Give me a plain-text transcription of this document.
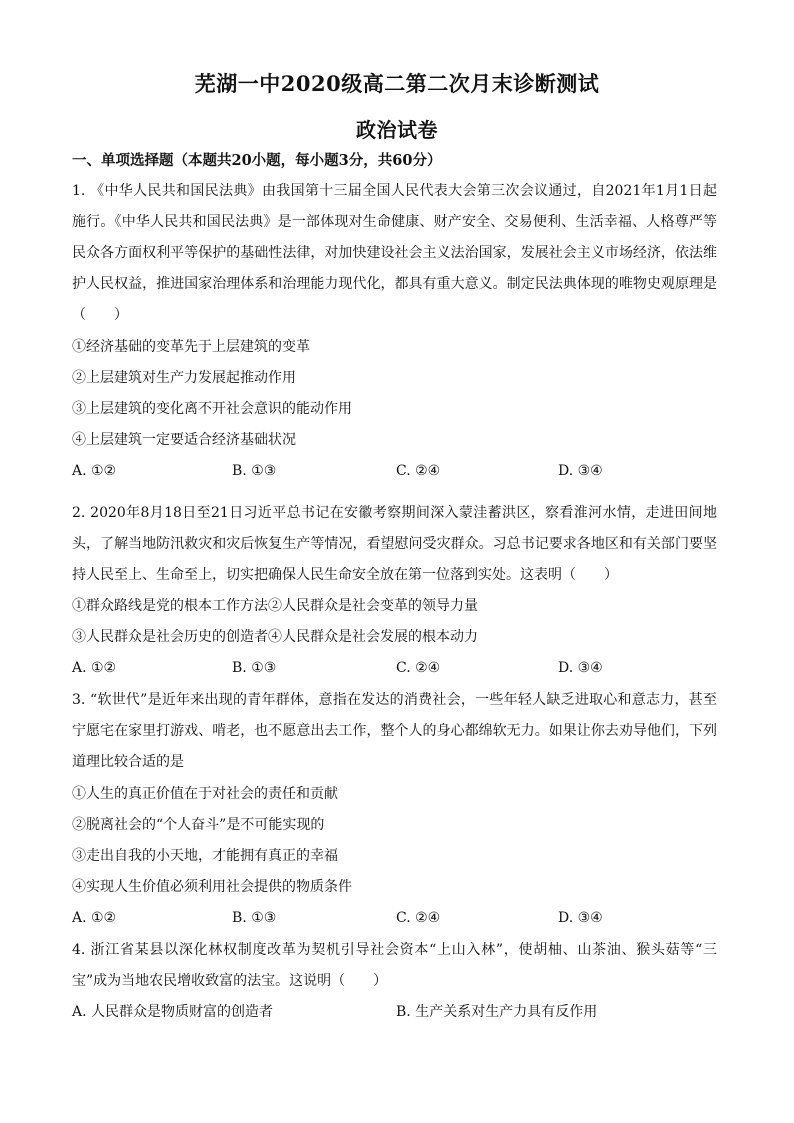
芜湖一中2020级高二第二次月末诊断测试
政治试卷
一、单项选择题（本题共20小题，每小题3分，共60分）
1. 《中华人民共和国民法典》由我国第十三届全国人民代表大会第三次会议通过，自2021年1月1日起
施行。《中华人民共和国民法典》是一部体现对生命健康、财产安全、交易便利、生活幸福、人格尊严等
民众各方面权利平等保护的基础性法律，对加快建设社会主义法治国家，发展社会主义市场经济，依法维
护人民权益，推进国家治理体系和治理能力现代化，都具有重大意义。制定民法典体现的唯物史观原理是
（　　）
①经济基础的变革先于上层建筑的变革
②上层建筑对生产力发展起推动作用
③上层建筑的变化离不开社会意识的能动作用
④上层建筑一定要适合经济基础状况
A. ①②	B. ①③	C. ②④	D. ③④
2. 2020年8月18日至21日习近平总书记在安徽考察期间深入蒙洼蓄洪区，察看淮河水情，走进田间地
头，了解当地防汛救灾和灾后恢复生产等情况，看望慰问受灾群众。习总书记要求各地区和有关部门要坚
持人民至上、生命至上，切实把确保人民生命安全放在第一位落到实处。这表明（　　）
①群众路线是党的根本工作方法②人民群众是社会变革的领导力量
③人民群众是社会历史的创造者④人民群众是社会发展的根本动力
A. ①②	B. ①③	C. ②④	D. ③④
3. “软世代”是近年来出现的青年群体，意指在发达的消费社会，一些年轻人缺乏进取心和意志力，甚至
宁愿宅在家里打游戏、啃老，也不愿意出去工作，整个人的身心都绵软无力。如果让你去劝导他们，下列
道理比较合适的是
①人生的真正价值在于对社会的责任和贡献
②脱离社会的“个人奋斗”是不可能实现的
③走出自我的小天地，才能拥有真正的幸福
④实现人生价值必须利用社会提供的物质条件
A. ①②	B. ①③	C. ②④	D. ③④
4. 浙江省某县以深化林权制度改革为契机引导社会资本“上山入林”，使胡柚、山茶油、猴头菇等“三
宝”成为当地农民增收致富的法宝。这说明（　　）
A. 人民群众是物质财富的创造者	B. 生产关系对生产力具有反作用
